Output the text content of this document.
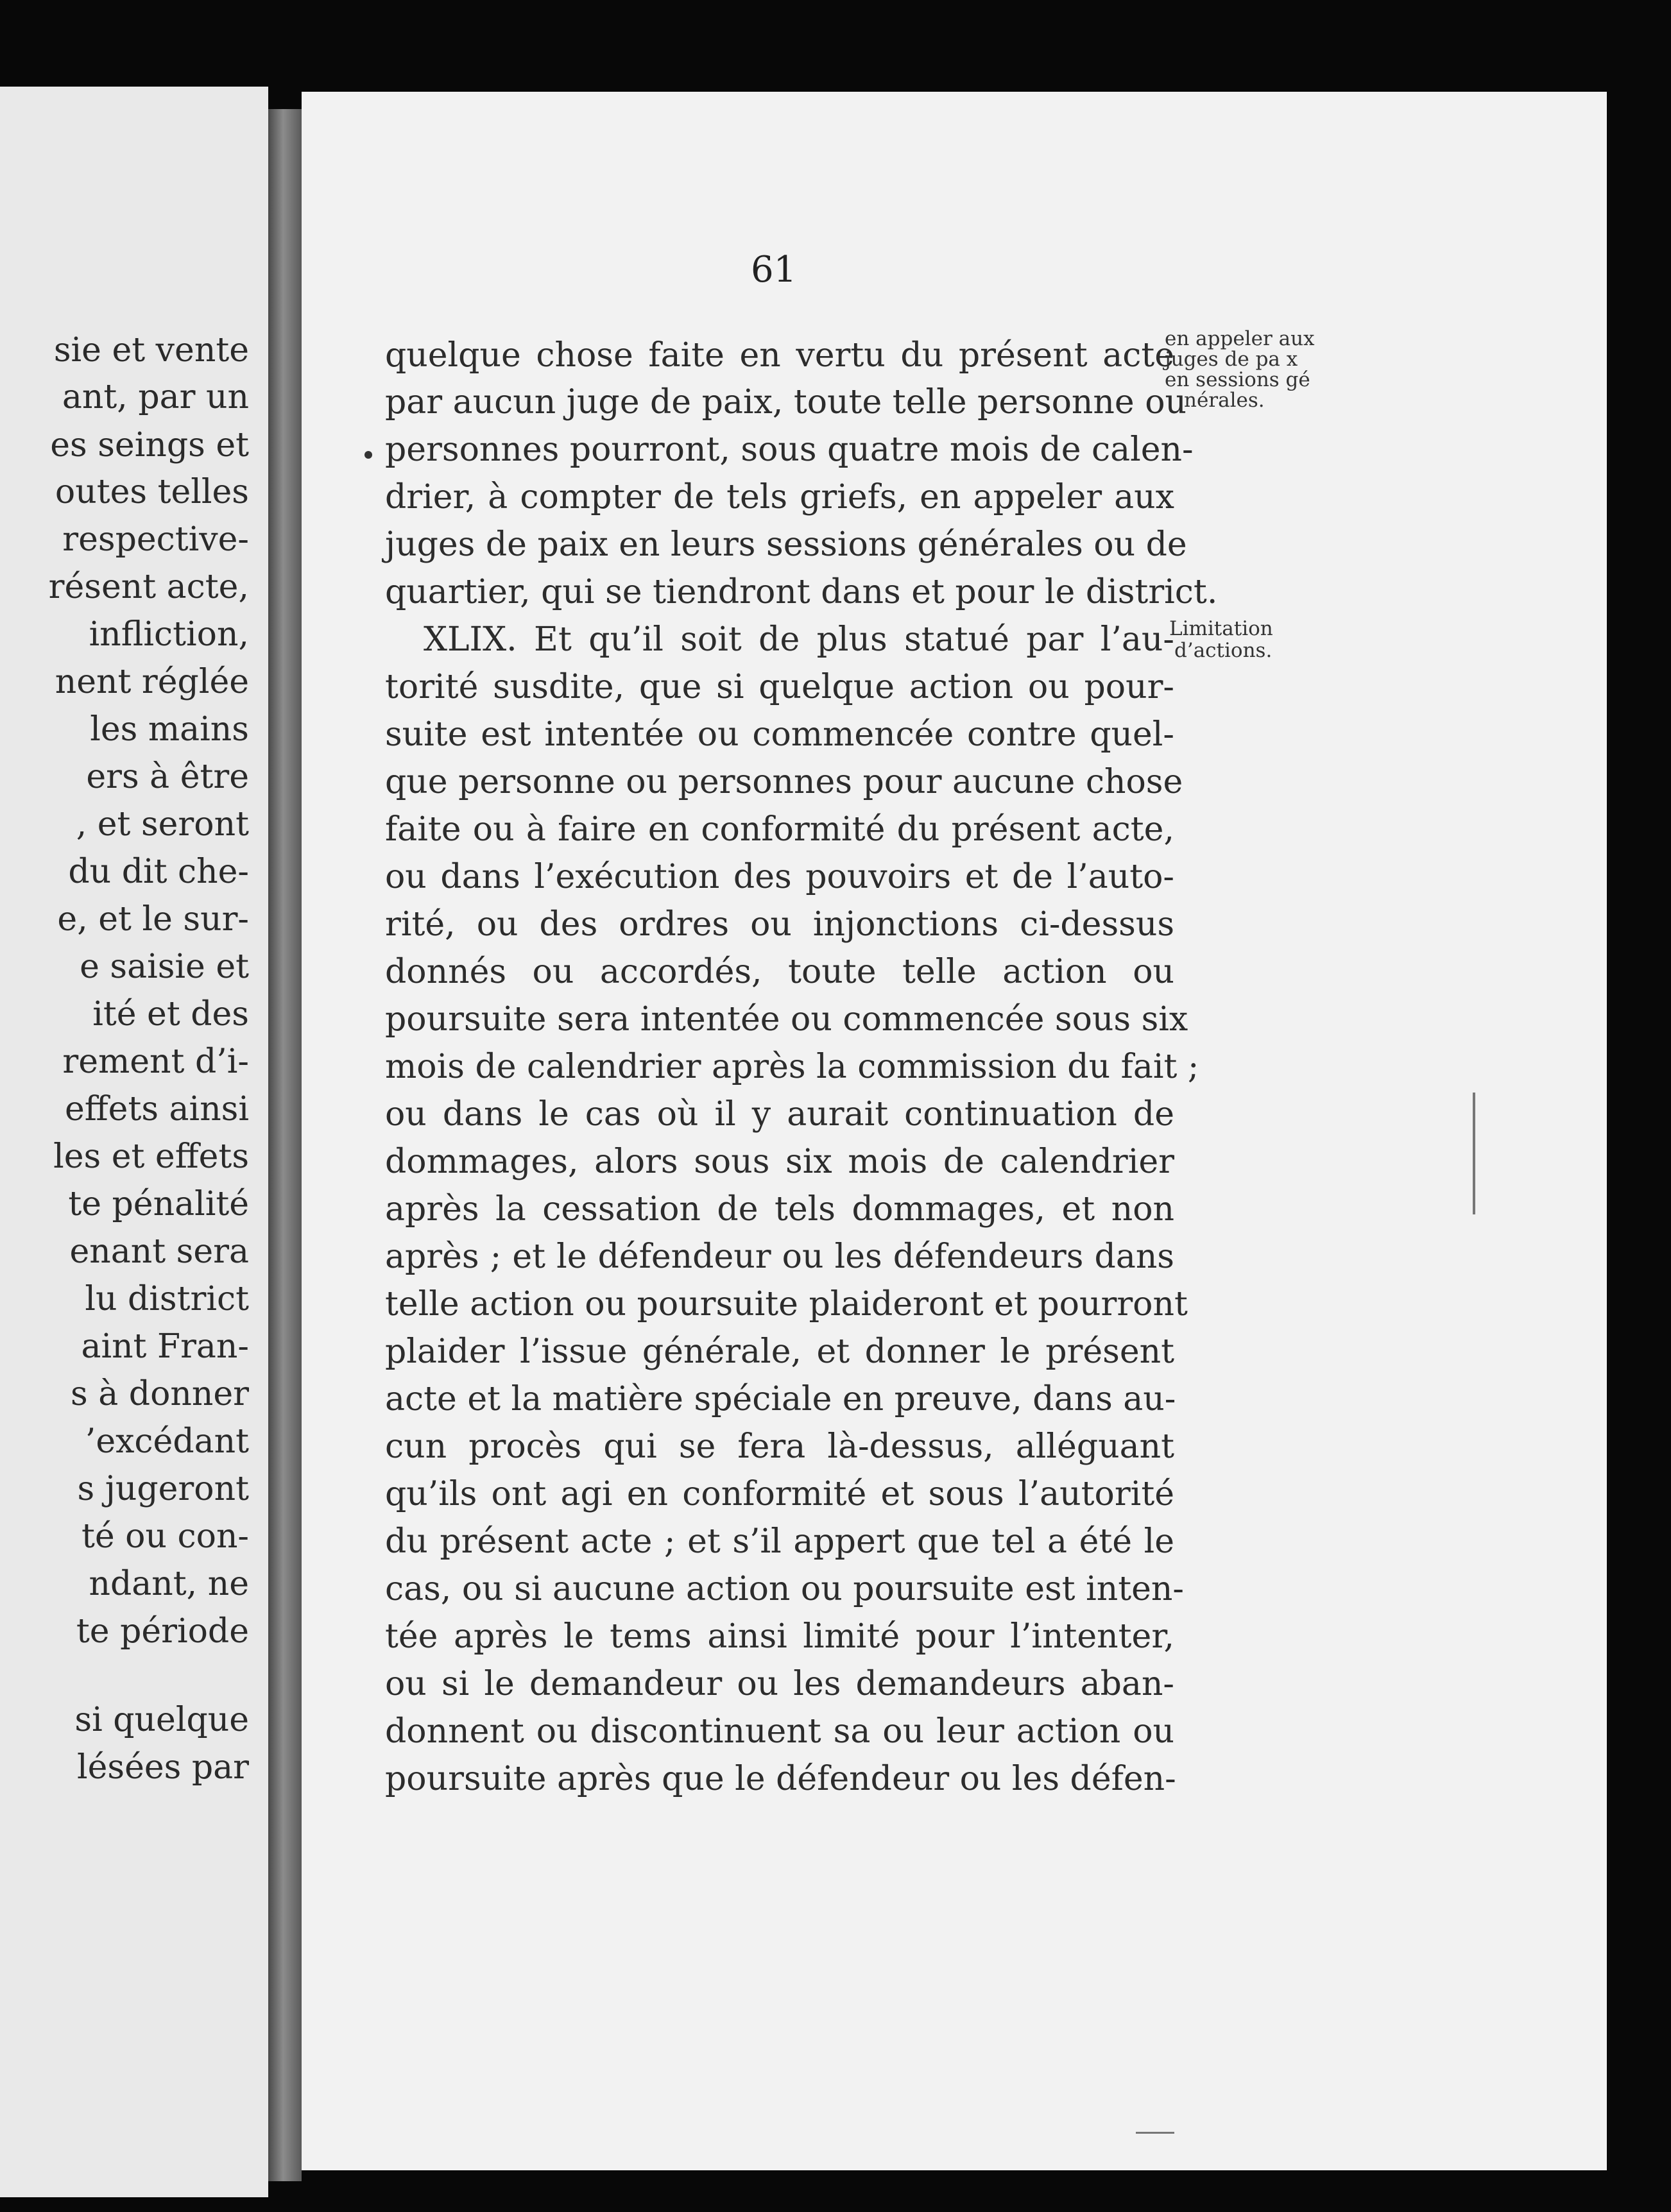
sie et vente
ant, par un
es seings et
outes telles
respective-
résent acte,
infliction,
nent réglée
les mains
ers à être
, et seront
du dit che-
e, et le sur-
e saisie et
ité et des
rement d’i-
effets ainsi
les et effets
te pénalité
enant sera
lu district
aint Fran-
s à donner
’excédant
s jugeront
té ou con-
ndant, ne
te période
si quelque
lésées par
61
quelque chose faite en vertu du présent acte
par aucun juge de paix, toute telle personne ou
personnes pourront, sous quatre mois de calen-
drier, à compter de tels griefs, en appeler aux
juges de paix en leurs sessions générales ou de
quartier, qui se tiendront dans et pour le district.
XLIX. Et qu’il soit de plus statué par l’au-
torité susdite, que si quelque action ou pour-
suite est intentée ou commencée contre quel-
que personne ou personnes pour aucune chose
faite ou à faire en conformité du présent acte,
ou dans l’exécution des pouvoirs et de l’auto-
rité, ou des ordres ou injonctions ci-dessus
donnés ou accordés, toute telle action ou
poursuite sera intentée ou commencée sous six
mois de calendrier après la commission du fait ;
ou dans le cas où il y aurait continuation de
dommages, alors sous six mois de calendrier
après la cessation de tels dommages, et non
après ; et le défendeur ou les défendeurs dans
telle action ou poursuite plaideront et pourront
plaider l’issue générale, et donner le présent
acte et la matière spéciale en preuve, dans au-
cun procès qui se fera là-dessus, alléguant
qu’ils ont agi en conformité et sous l’autorité
du présent acte ; et s’il appert que tel a été le
cas, ou si aucune action ou poursuite est inten-
tée après le tems ainsi limité pour l’intenter,
ou si le demandeur ou les demandeurs aban-
donnent ou discontinuent sa ou leur action ou
poursuite après que le défendeur ou les défen-
en appeler aux
juges de pa x
en sessions gé
nérales.
Limitation
d’actions.
